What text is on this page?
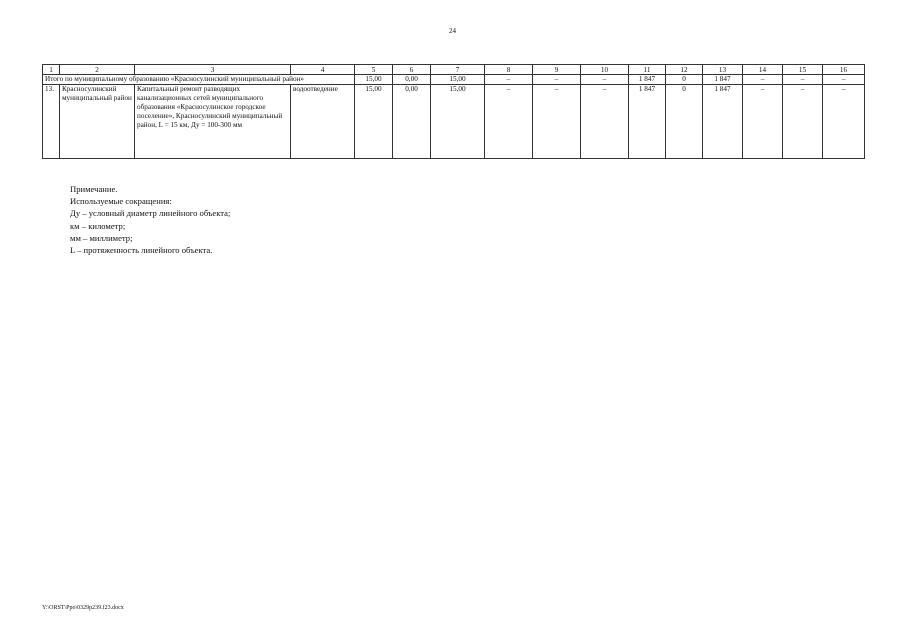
24
1	2	3	4	5	6	7	8	9	10	11	12	13	14	15	16
Итого по муниципальному образованию «Красносулинский муниципальный район»				15,00	0,00	15,00	–	–	–	1 847	0	1 847	–	–	–
13.	Красносулинский муниципальный район	Капитальный ремонт разводящих канализационных сетей муниципального образования «Красносулинское городское поселение», Красносулинский муниципальный район, L = 15 км, Ду = 100-300 мм	водоотведение	15,00	0,00	15,00	–	–	–	1 847	0	1 847	–	–	–
Примечание.
Используемые сокращения:
Ду – условный диаметр линейного объекта;
км – километр;
мм – миллиметр;
L – протяженность линейного объекта.
Y:\ORST\Ppo\0329p239.f23.docx
